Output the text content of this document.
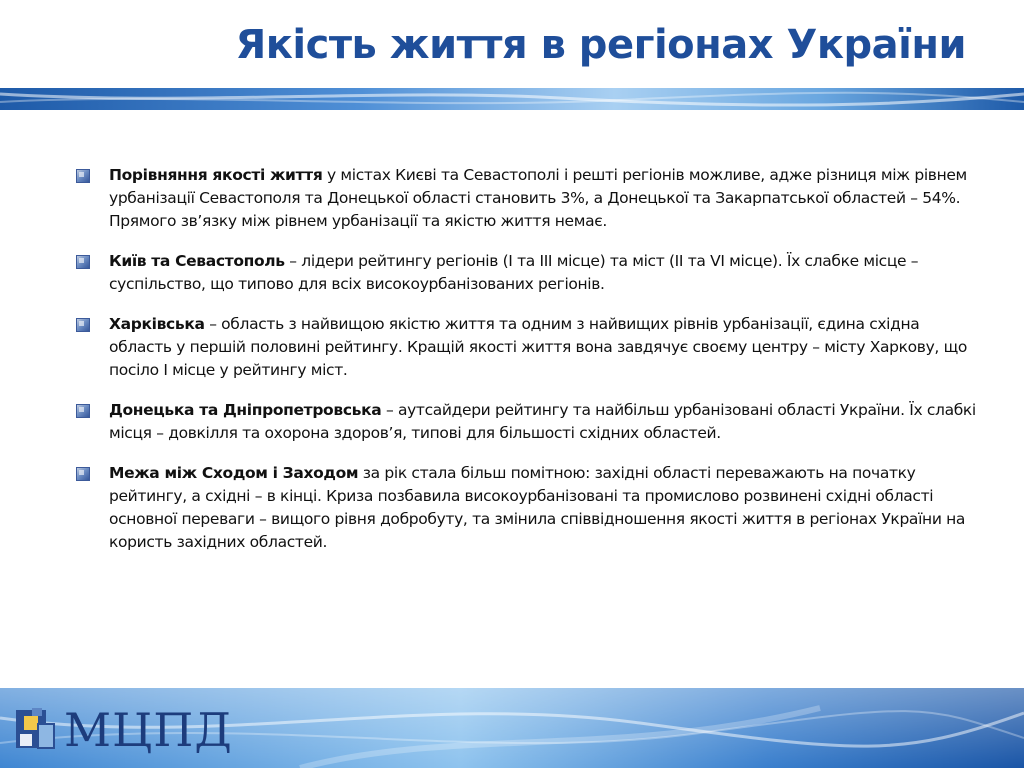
Якість життя в регіонах України
Порівняння якості життя у містах Києві та Севастополі і решті регіонів можливе, адже різниця між рівнем урбанізації Севастополя та Донецької області становить 3%, а Донецької та Закарпатської областей – 54%. Прямого зв’язку між рівнем урбанізації та якістю життя немає.
Київ та Севастополь – лідери рейтингу регіонів (I та III місце) та міст (II та VI місце). Їх слабке місце – суспільство, що типово для всіх високоурбанізованих регіонів.
Харківська – область з найвищою якістю життя та одним з найвищих рівнів урбанізації, єдина східна область у першій половині рейтингу. Кращій якості життя вона завдячує своєму центру – місту Харкову, що посіло I місце у рейтингу міст.
Донецька та Дніпропетровська – аутсайдери рейтингу та найбільш урбанізовані області України. Їх слабкі місця – довкілля та охорона здоров’я, типові для більшості східних областей.
Межа між Сходом і Заходом за рік стала більш помітною: західні області переважають на початку рейтингу, а східні – в кінці. Криза позбавила високоурбанізовані та промислово розвинені східні області основної переваги – вищого рівня добробуту, та змінила співвідношення якості життя в регіонах України на користь західних областей.
МЦПД
